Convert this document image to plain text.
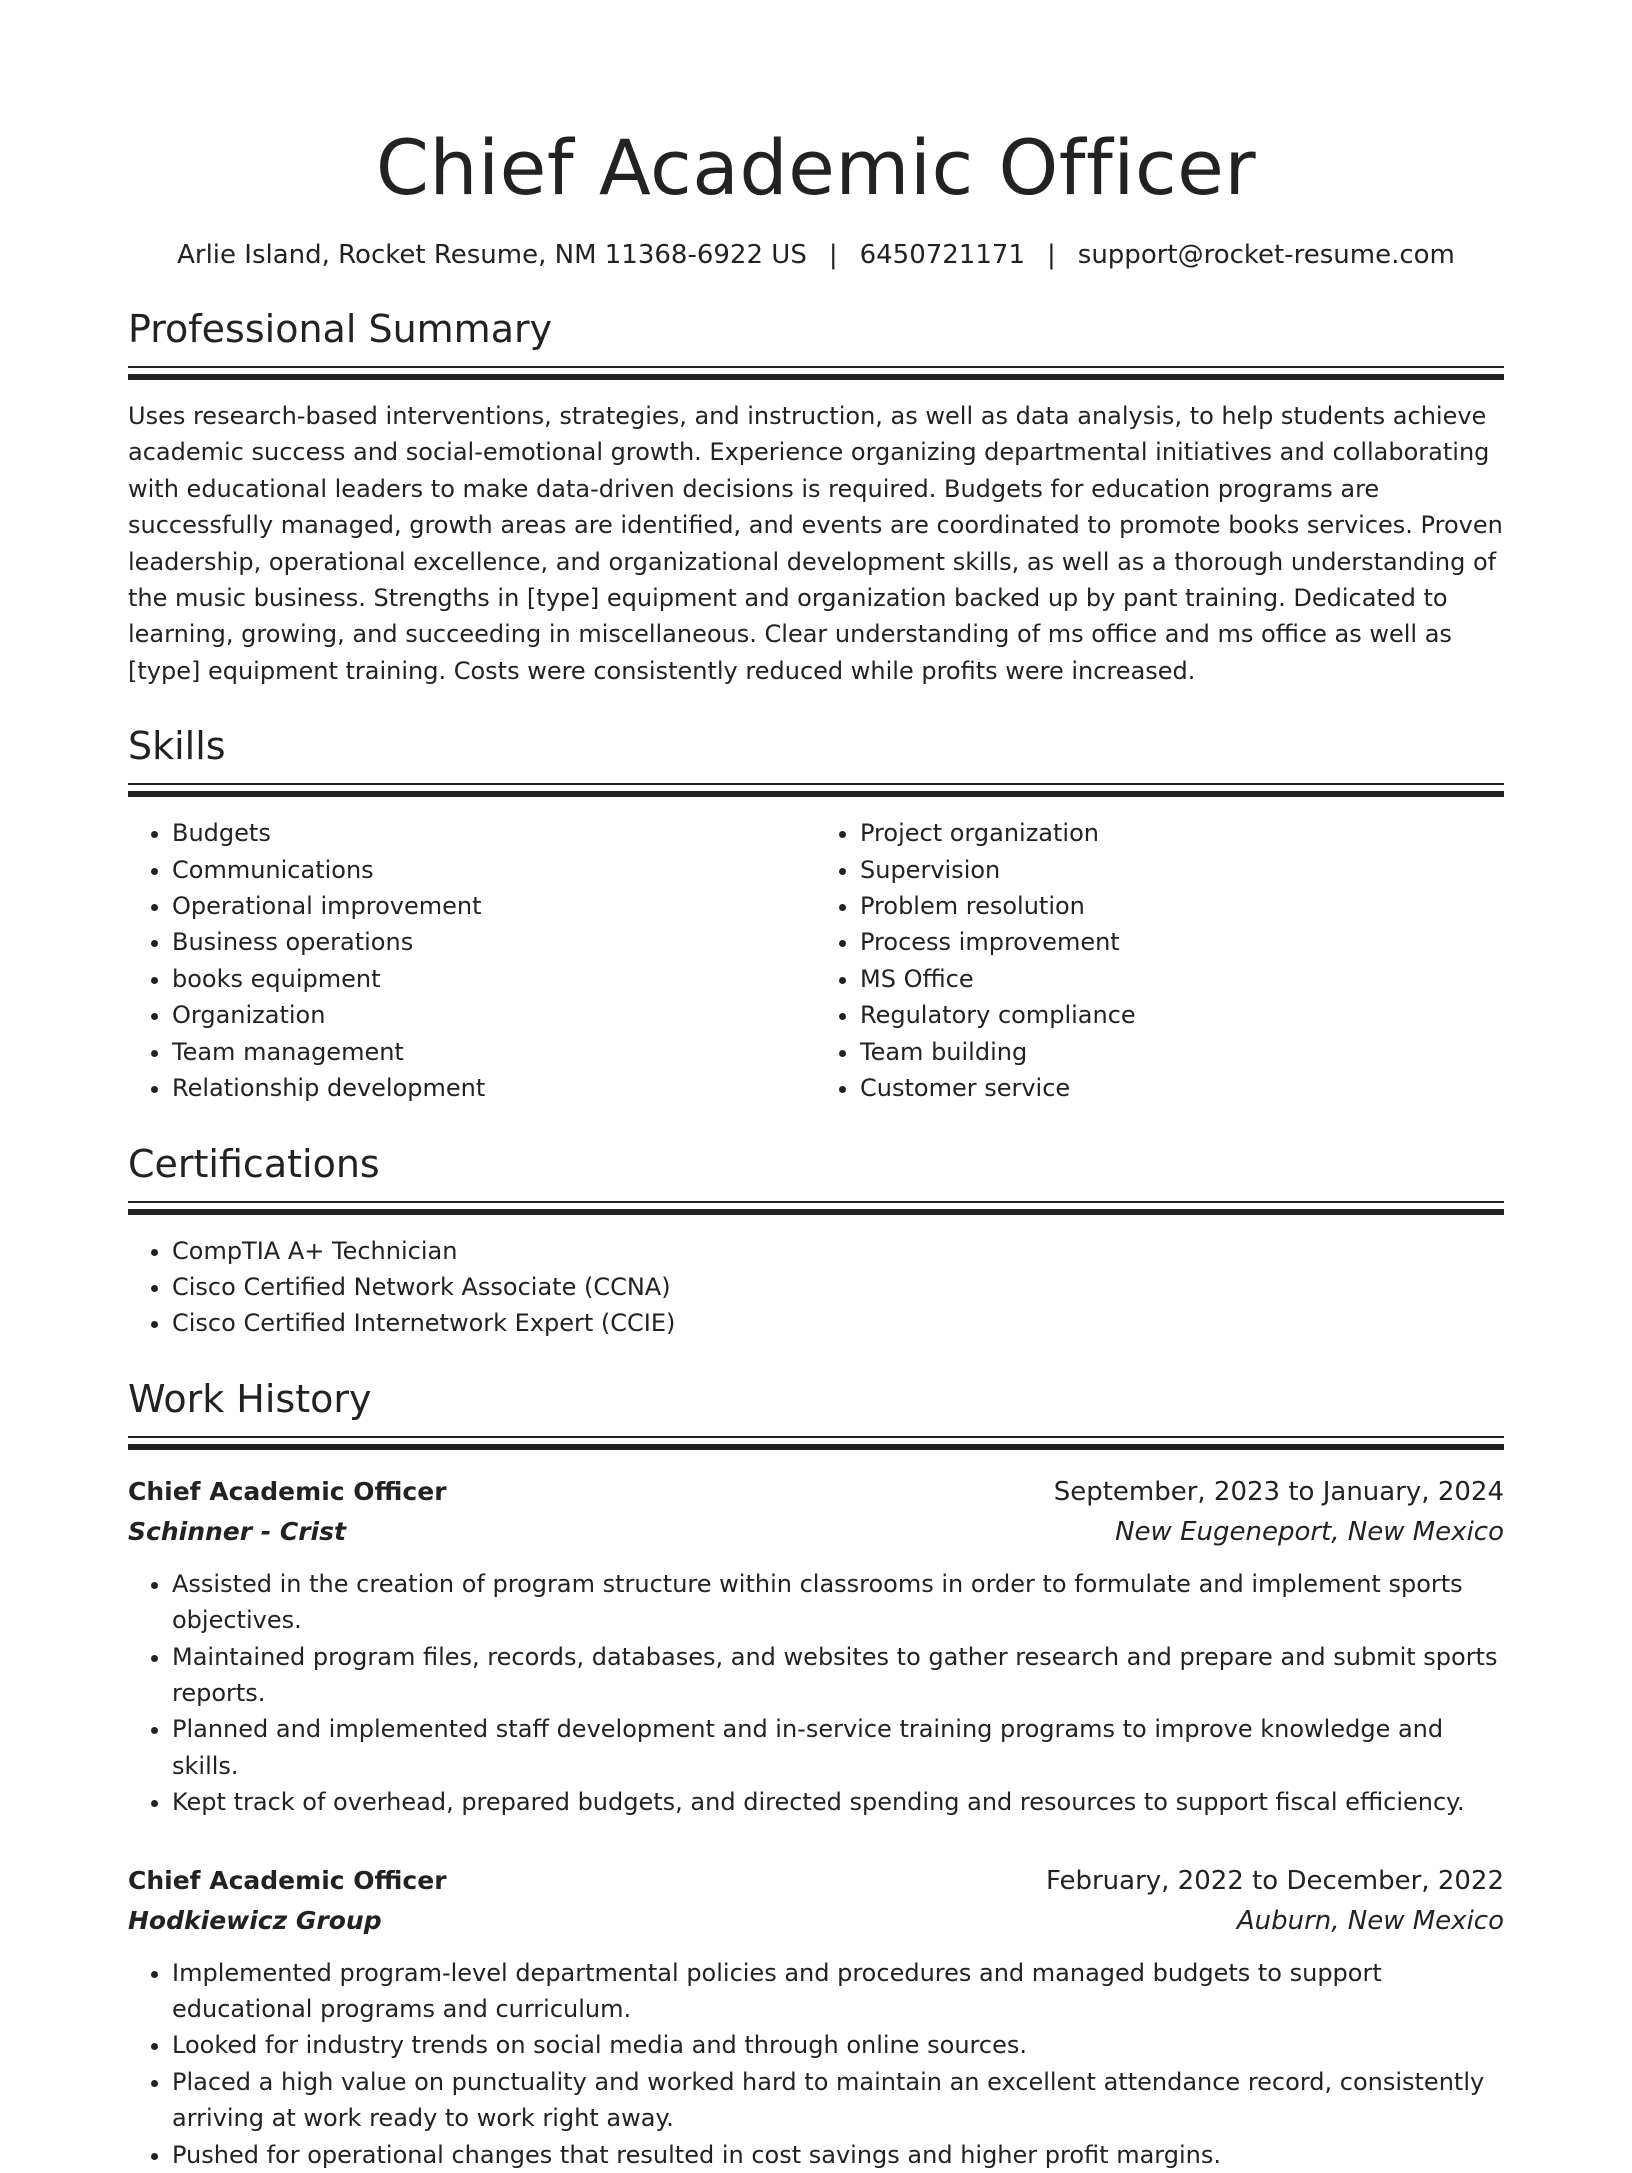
Chief Academic Officer
Arlie Island, Rocket Resume, NM 11368-6922 US | 6450721171 | support@rocket-resume.com
Professional Summary

Uses research-based interventions, strategies, and instruction, as well as data analysis, to help students achieve academic success and social-emotional growth. Experience organizing departmental initiatives and collaborating with educational leaders to make data-driven decisions is required. Budgets for education programs are successfully managed, growth areas are identified, and events are coordinated to promote books services. Proven leadership, operational excellence, and organizational development skills, as well as a thorough understanding of the music business. Strengths in [type] equipment and organization backed up by pant training. Dedicated to learning, growing, and succeeding in miscellaneous. Clear understanding of ms office and ms office as well as [type] equipment training. Costs were consistently reduced while profits were increased.

Skills
• Budgets
• Communications
• Operational improvement
• Business operations
• books equipment
• Organization
• Team management
• Relationship development
• Project organization
• Supervision
• Problem resolution
• Process improvement
• MS Office
• Regulatory compliance
• Team building
• Customer service
Certifications
• CompTIA A+ Technician
• Cisco Certified Network Associate (CCNA)
• Cisco Certified Internetwork Expert (CCIE)
Work History
Chief Academic Officer	September, 2023 to January, 2024
Schinner - Crist	New Eugeneport, New Mexico
• Assisted in the creation of program structure within classrooms in order to formulate and implement sports objectives.
• Maintained program files, records, databases, and websites to gather research and prepare and submit sports reports.
• Planned and implemented staff development and in-service training programs to improve knowledge and skills.
• Kept track of overhead, prepared budgets, and directed spending and resources to support fiscal efficiency.
Chief Academic Officer	February, 2022 to December, 2022
Hodkiewicz Group	Auburn, New Mexico
• Implemented program-level departmental policies and procedures and managed budgets to support educational programs and curriculum.
• Looked for industry trends on social media and through online sources.
• Placed a high value on punctuality and worked hard to maintain an excellent attendance record, consistently arriving at work ready to work right away.
• Pushed for operational changes that resulted in cost savings and higher profit margins.
